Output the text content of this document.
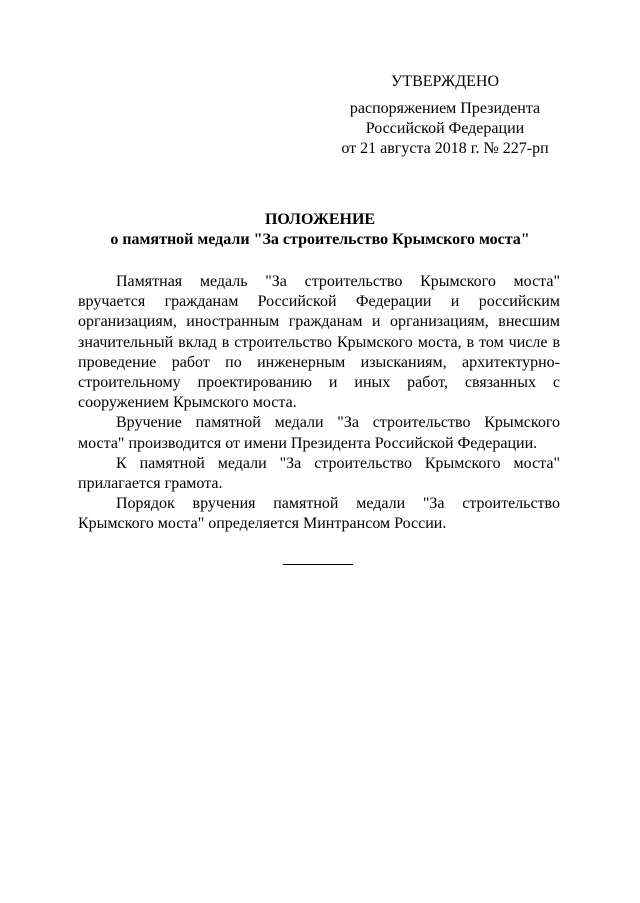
УТВЕРЖДЕНО
распоряжением Президента
Российской Федерации
от 21 августа 2018 г. № 227-рп
ПОЛОЖЕНИЕ
о памятной медали "За строительство Крымского моста"

Памятная медаль "За строительство Крымского моста" вручается гражданам Российской Федерации и российским организациям, иностранным гражданам и организациям, внесшим значительный вклад в строительство Крымского моста, в том числе в проведение работ по инженерным изысканиям, архитектурно-строительному проектированию и иных работ, связанных с сооружением Крымского моста.

Вручение памятной медали "За строительство Крымского моста" производится от имени Президента Российской Федерации.

К памятной медали "За строительство Крымского моста" прилагается грамота.

Порядок вручения памятной медали "За строительство Крымского моста" определяется Минтрансом России.
